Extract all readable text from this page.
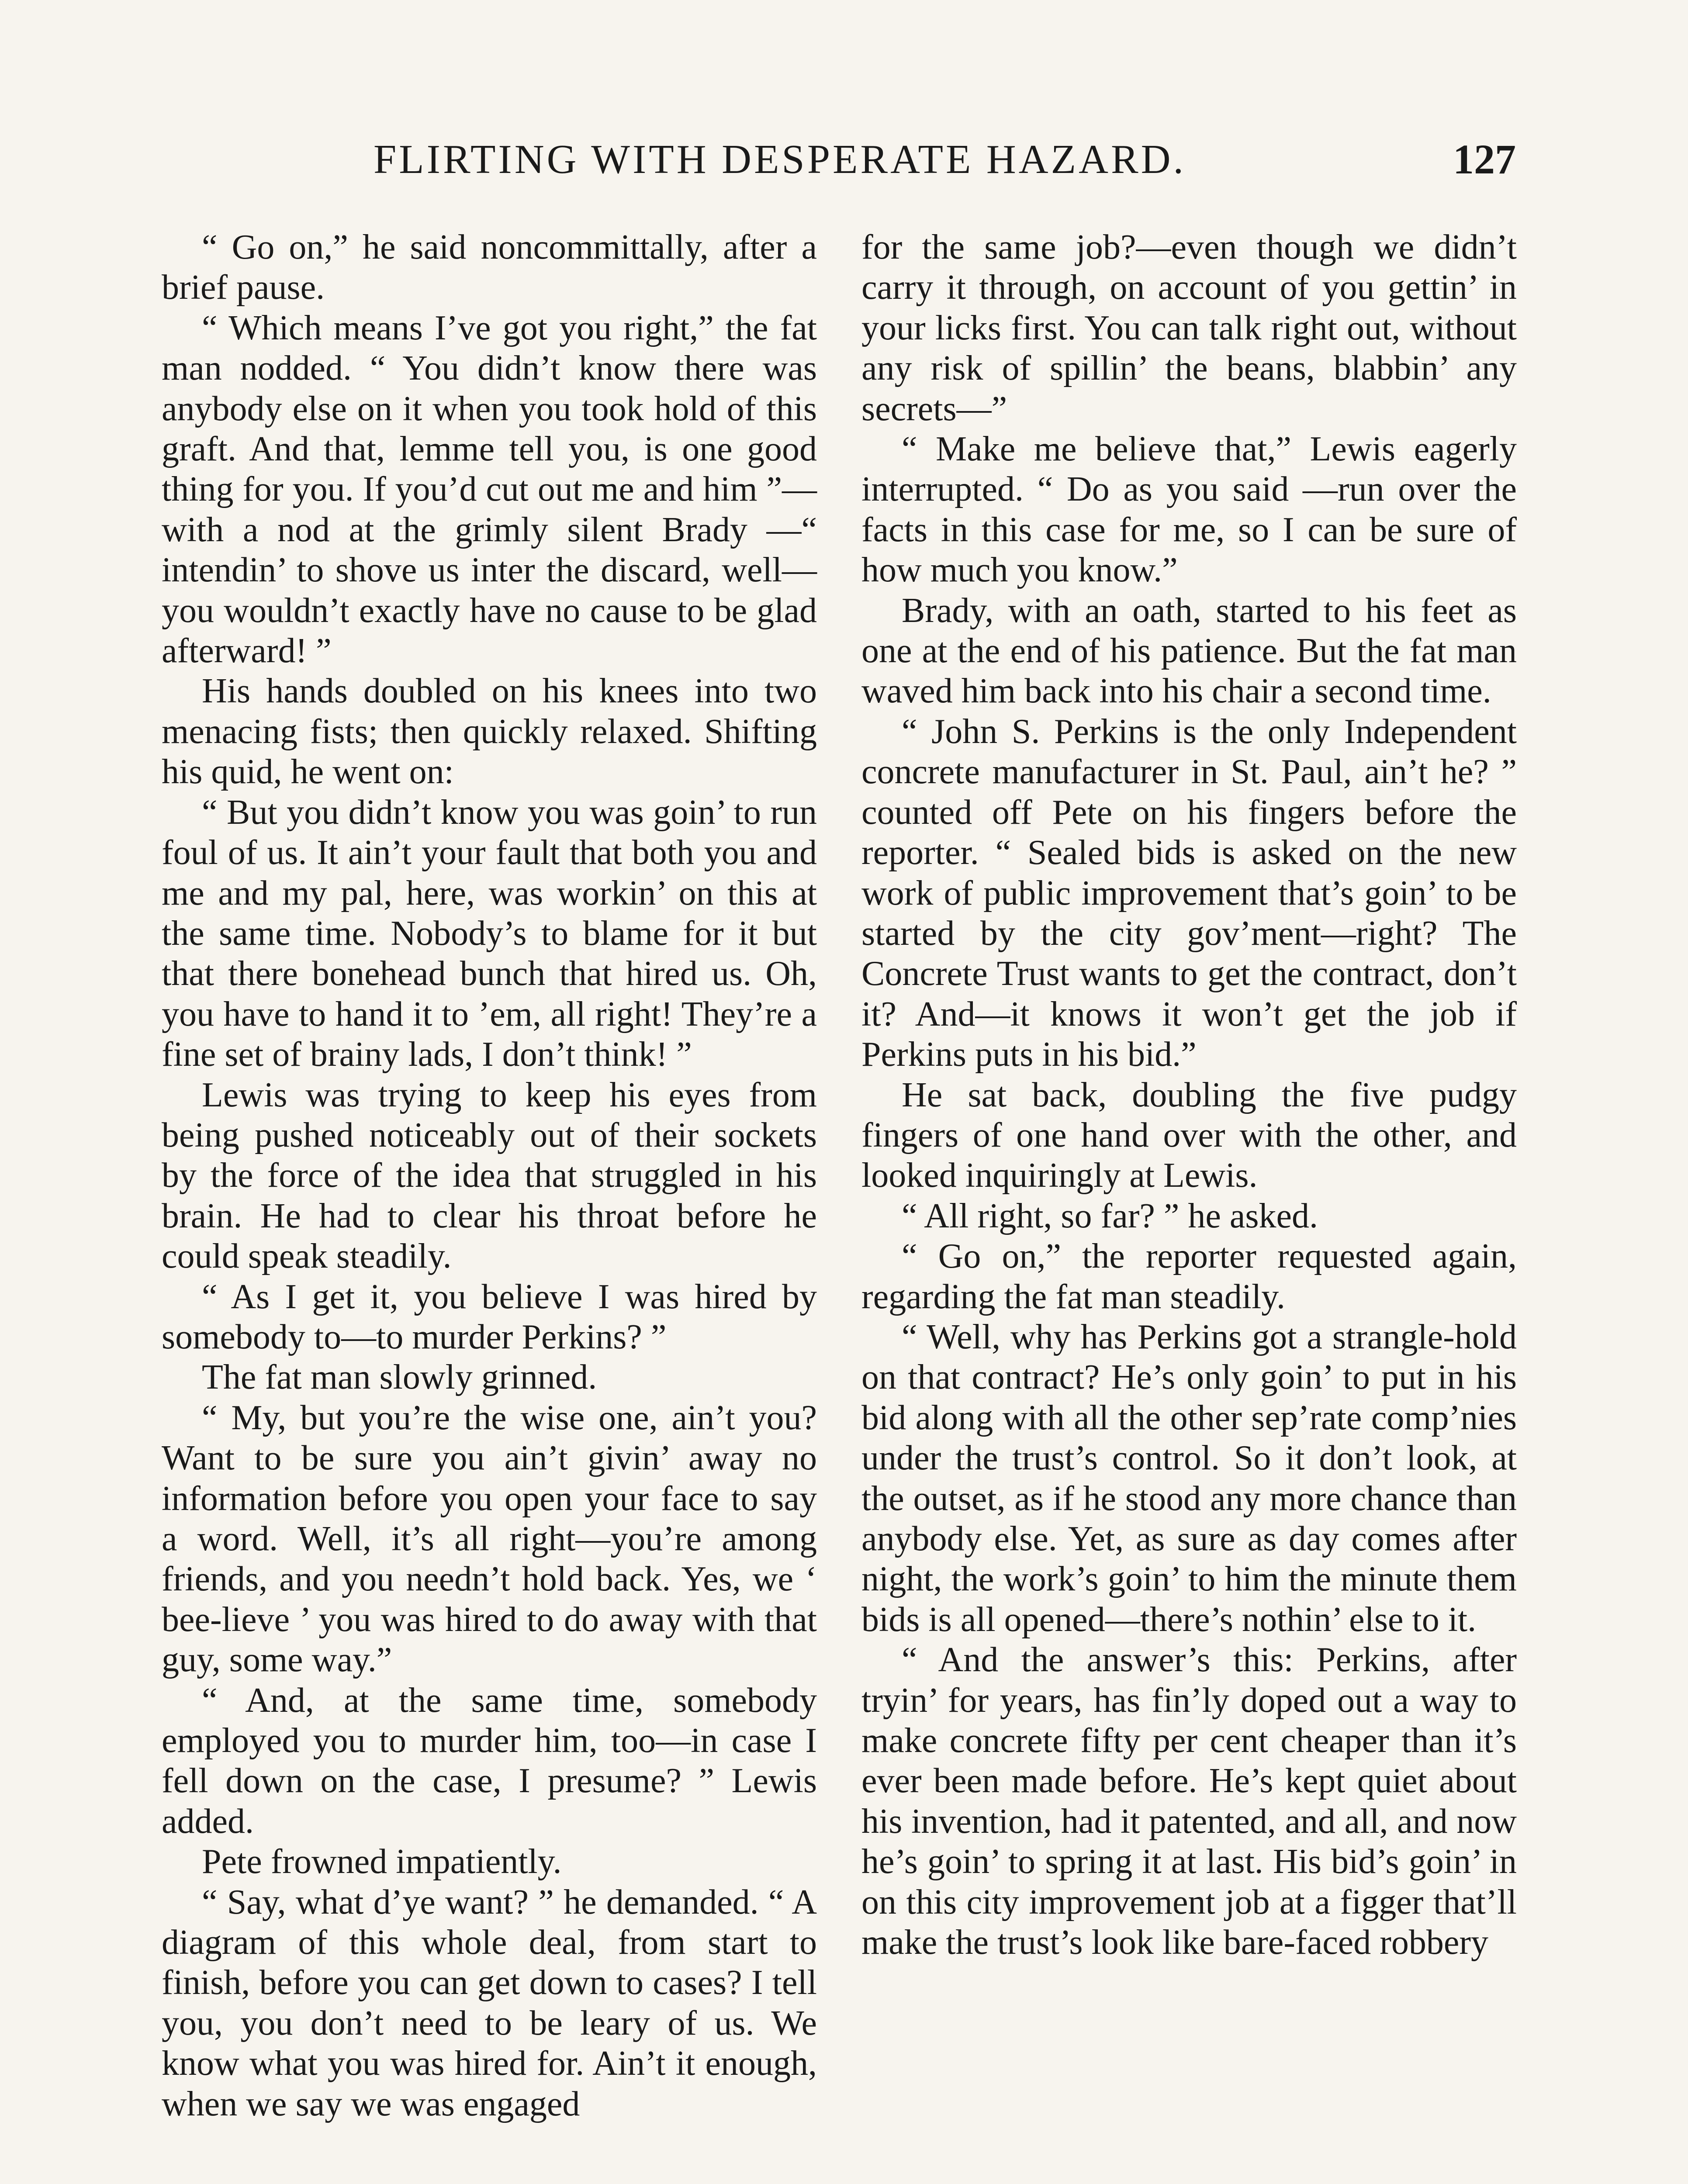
FLIRTING WITH DESPERATE HAZARD.	127

“ Go on,” he said noncommittally, after a brief pause.

“ Which means I’ve got you right,” the fat man nodded. “ You didn’t know there was anybody else on it when you took hold of this graft. And that, lemme tell you, is one good thing for you. If you’d cut out me and him ”—with a nod at the grimly silent Brady —“ intendin’ to shove us inter the discard, well—you wouldn’t exactly have no cause to be glad afterward! ”

His hands doubled on his knees into two menacing fists; then quickly relaxed. Shifting his quid, he went on:

“ But you didn’t know you was goin’ to run foul of us. It ain’t your fault that both you and me and my pal, here, was workin’ on this at the same time. Nobody’s to blame for it but that there bonehead bunch that hired us. Oh, you have to hand it to ’em, all right! They’re a fine set of brainy lads, I don’t think! ”

Lewis was trying to keep his eyes from being pushed noticeably out of their sockets by the force of the idea that struggled in his brain. He had to clear his throat before he could speak steadily.

“ As I get it, you believe I was hired by somebody to—to murder Perkins? ”

The fat man slowly grinned.

“ My, but you’re the wise one, ain’t you? Want to be sure you ain’t givin’ away no information before you open your face to say a word. Well, it’s all right—you’re among friends, and you needn’t hold back. Yes, we ‘ bee-lieve ’ you was hired to do away with that guy, some way.”

“ And, at the same time, somebody employed you to murder him, too—in case I fell down on the case, I presume? ” Lewis added.

Pete frowned impatiently.

“ Say, what d’ye want? ” he demanded. “ A diagram of this whole deal, from start to finish, before you can get down to cases? I tell you, you don’t need to be leary of us. We know what you was hired for. Ain’t it enough, when we say we was engaged

for the same job?—even though we didn’t carry it through, on account of you gettin’ in your licks first. You can talk right out, without any risk of spillin’ the beans, blabbin’ any secrets—”

“ Make me believe that,” Lewis eagerly interrupted. “ Do as you said —run over the facts in this case for me, so I can be sure of how much you know.”

Brady, with an oath, started to his feet as one at the end of his patience. But the fat man waved him back into his chair a second time.

“ John S. Perkins is the only Independent concrete manufacturer in St. Paul, ain’t he? ” counted off Pete on his fingers before the reporter. “ Sealed bids is asked on the new work of public improvement that’s goin’ to be started by the city gov’ment—right? The Concrete Trust wants to get the contract, don’t it? And—it knows it won’t get the job if Perkins puts in his bid.”

He sat back, doubling the five pudgy fingers of one hand over with the other, and looked inquiringly at Lewis.

“ All right, so far? ” he asked.

“ Go on,” the reporter requested again, regarding the fat man steadily.

“ Well, why has Perkins got a strangle-hold on that contract? He’s only goin’ to put in his bid along with all the other sep’rate comp’nies under the trust’s control. So it don’t look, at the outset, as if he stood any more chance than anybody else. Yet, as sure as day comes after night, the work’s goin’ to him the minute them bids is all opened—there’s nothin’ else to it.

“ And the answer’s this: Perkins, after tryin’ for years, has fin’ly doped out a way to make concrete fifty per cent cheaper than it’s ever been made before. He’s kept quiet about his invention, had it patented, and all, and now he’s goin’ to spring it at last. His bid’s goin’ in on this city improvement job at a figger that’ll make the trust’s look like bare-faced robbery
